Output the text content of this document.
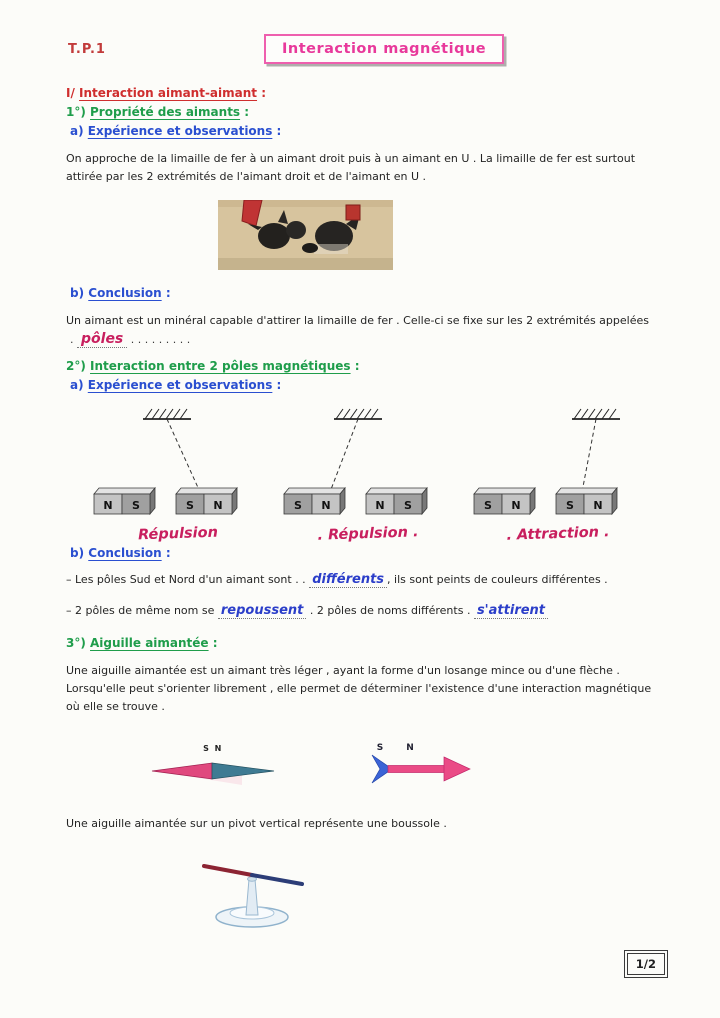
T.P.1	Interaction magnétique
I/ Interaction aimant-aimant :
1°) Propriété des aimants :
a) Expérience et observations :

On approche de la limaille de fer à un aimant droit puis à un aimant en U . La limaille de fer est surtout attirée par les 2 extrémités de l'aimant droit et de l'aimant en U .

b) Conclusion :

Un aimant est un minéral capable d'attirer la limaille de fer . Celle-ci se fixe sur les 2 extrémités appelées

. pôles . . . . . . . . .
2°) Interaction entre 2 pôles magnétiques :
a) Expérience et observations :
N S	S N
Répulsion
S N	N S
. Répulsion .
S N	S N
. Attraction .
b) Conclusion :

– Les pôles Sud et Nord d'un aimant sont . . différents , ils sont peints de couleurs différentes .

– 2 pôles de même nom se repoussent . 2 pôles de noms différents . s'attirent

3°) Aiguille aimantée :

Une aiguille aimantée est un aimant très léger , ayant la forme d'un losange mince ou d'une flèche . Lorsqu'elle peut s'orienter librement , elle permet de déterminer l'existence d'une interaction magnétique où elle se trouve .

S N	S	N

Une aiguille aimantée sur un pivot vertical représente une boussole .

1/2
